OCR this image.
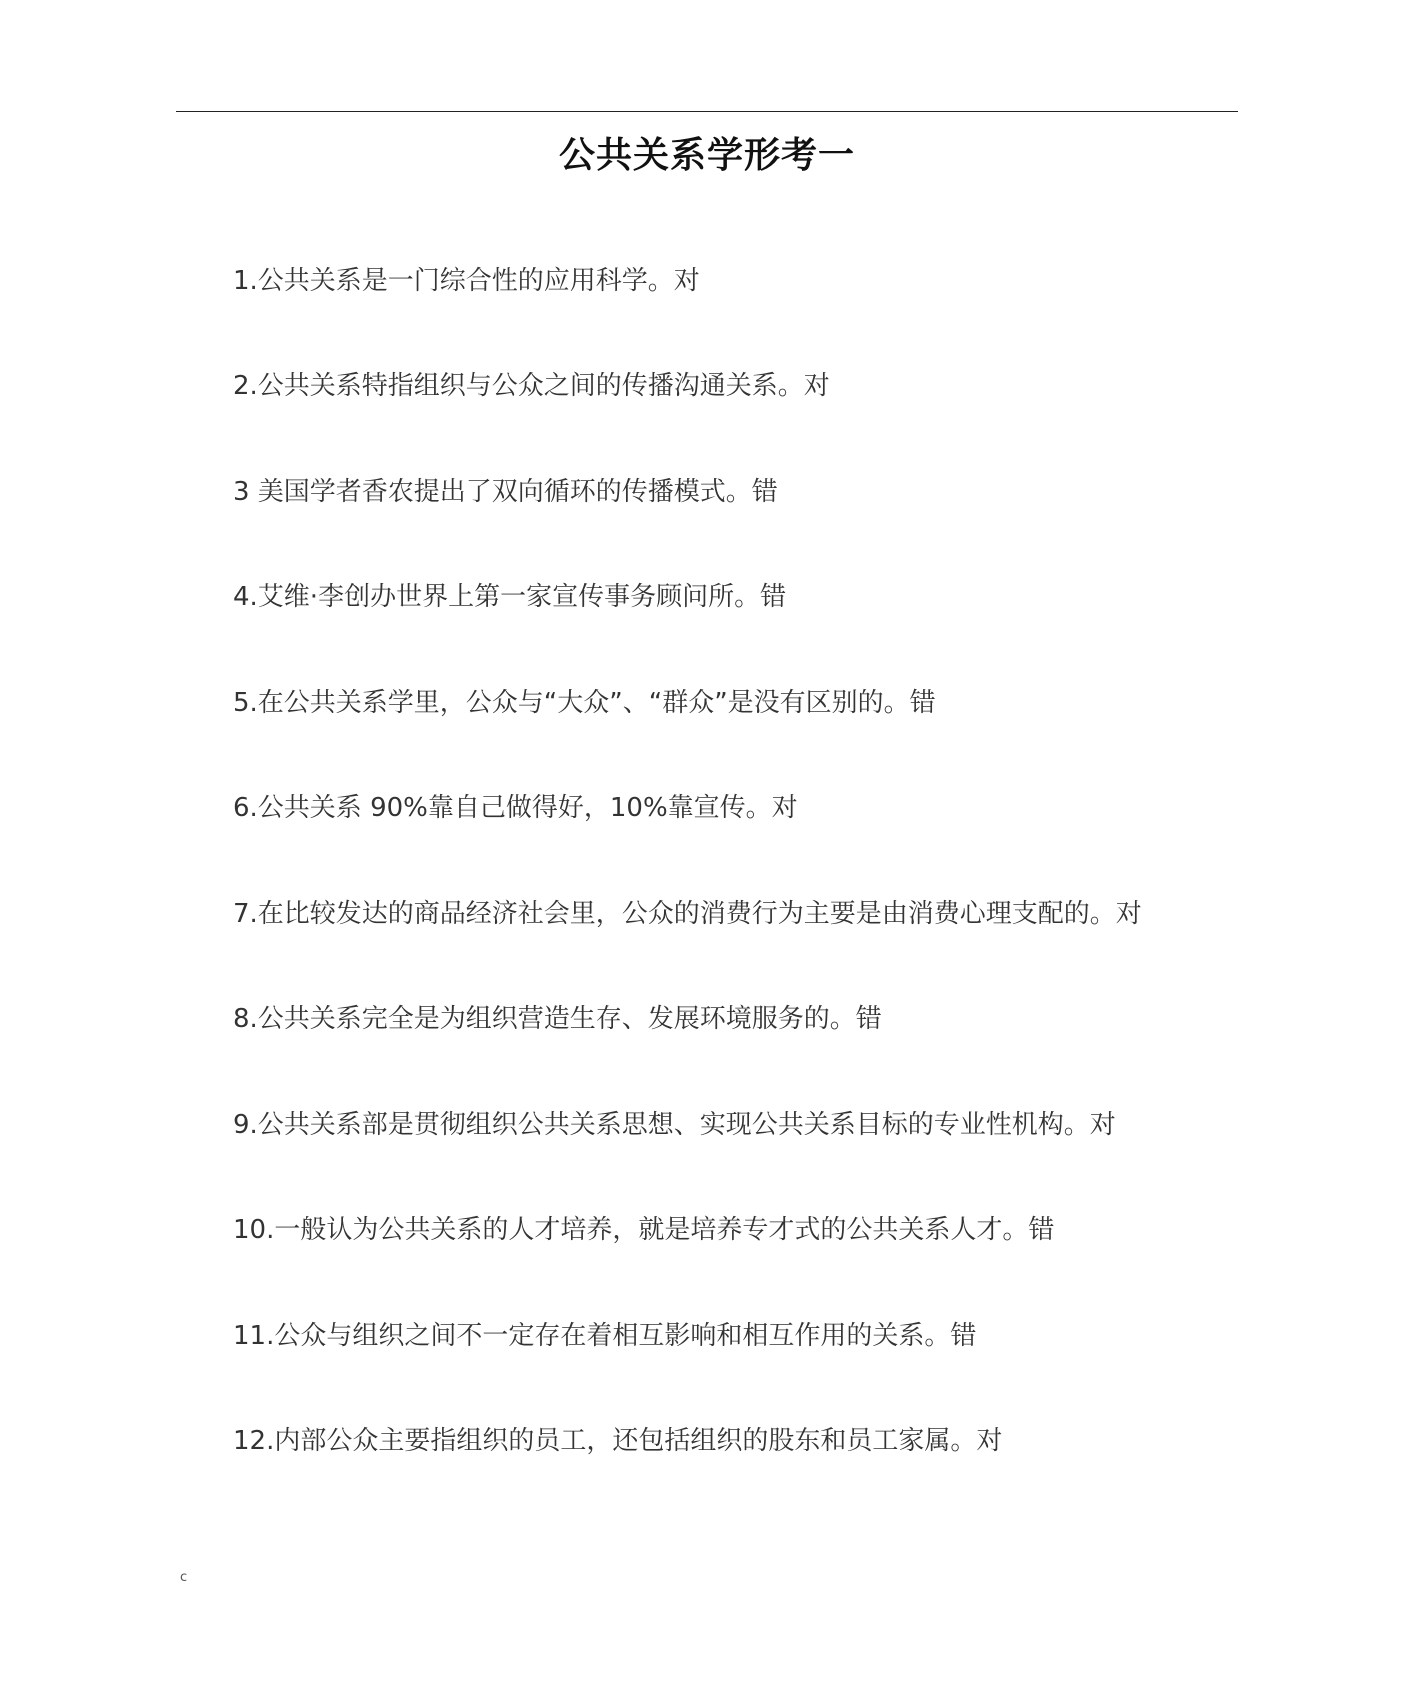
公共关系学形考一
1.公共关系是一门综合性的应用科学。对
2.公共关系特指组织与公众之间的传播沟通关系。对
3 美国学者香农提出了双向循环的传播模式。错
4.艾维·李创办世界上第一家宣传事务顾问所。错
5.在公共关系学里，公众与“大众”、“群众”是没有区别的。错
6.公共关系 90%靠自己做得好，10%靠宣传。对
7.在比较发达的商品经济社会里，公众的消费行为主要是由消费心理支配的。对
8.公共关系完全是为组织营造生存、发展环境服务的。错
9.公共关系部是贯彻组织公共关系思想、实现公共关系目标的专业性机构。对
10.一般认为公共关系的人才培养，就是培养专才式的公共关系人才。错
11.公众与组织之间不一定存在着相互影响和相互作用的关系。错
12.内部公众主要指组织的员工，还包括组织的股东和员工家属。对
c
